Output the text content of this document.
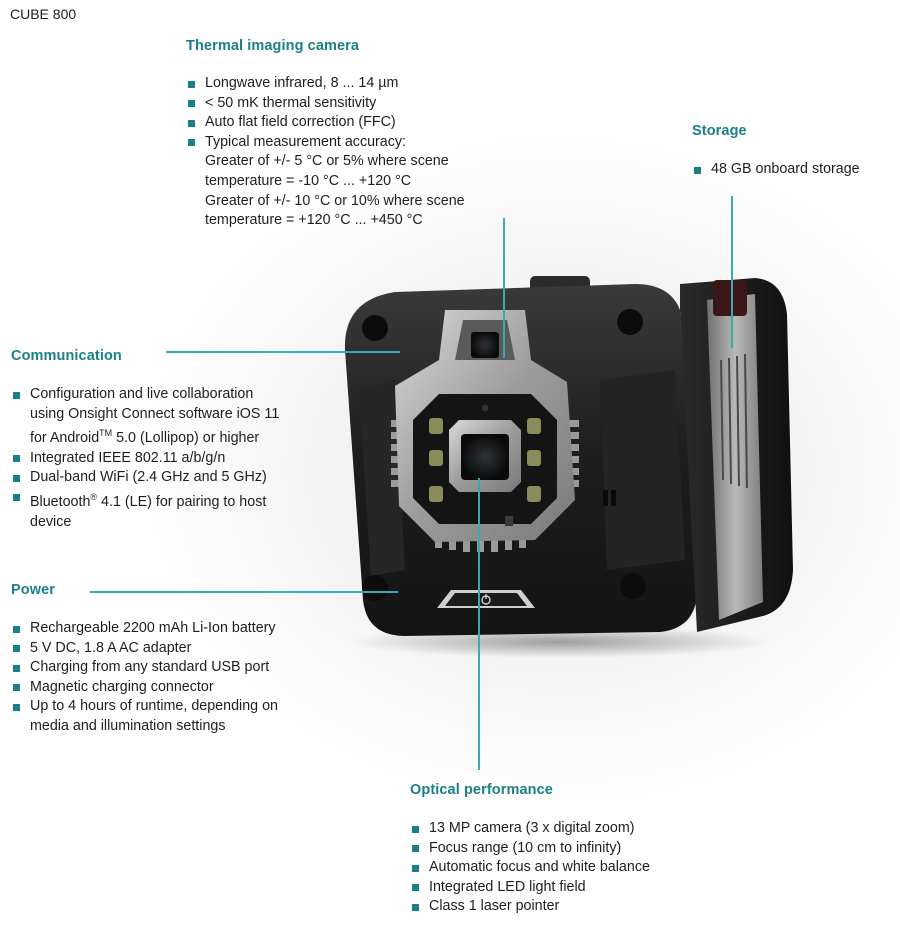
CUBE 800
Thermal imaging camera
Longwave infrared, 8 ... 14 µm
< 50 mK thermal sensitivity
Auto flat field correction (FFC)
Typical measurement accuracy:
Greater of +/- 5 °C or 5% where scene
temperature = -10 °C ... +120 °C
Greater of +/- 10 °C or 10% where scene
temperature = +120 °C ... +450 °C
Storage
48 GB onboard storage
Communication
Configuration and live collaboration
using Onsight Connect software iOS 11
for Android™ 5.0 (Lollipop) or higher
Integrated IEEE 802.11 a/b/g/n
Dual-band WiFi (2.4 GHz and 5 GHz)
Bluetooth® 4.1 (LE) for pairing to host
device
Power
Rechargeable 2200 mAh Li-Ion battery
5 V DC, 1.8 A AC adapter
Charging from any standard USB port
Magnetic charging connector
Up to 4 hours of runtime, depending on
media and illumination settings
Optical performance
13 MP camera (3 x digital zoom)
Focus range (10 cm to infinity)
Automatic focus and white balance
Integrated LED light field
Class 1 laser pointer
